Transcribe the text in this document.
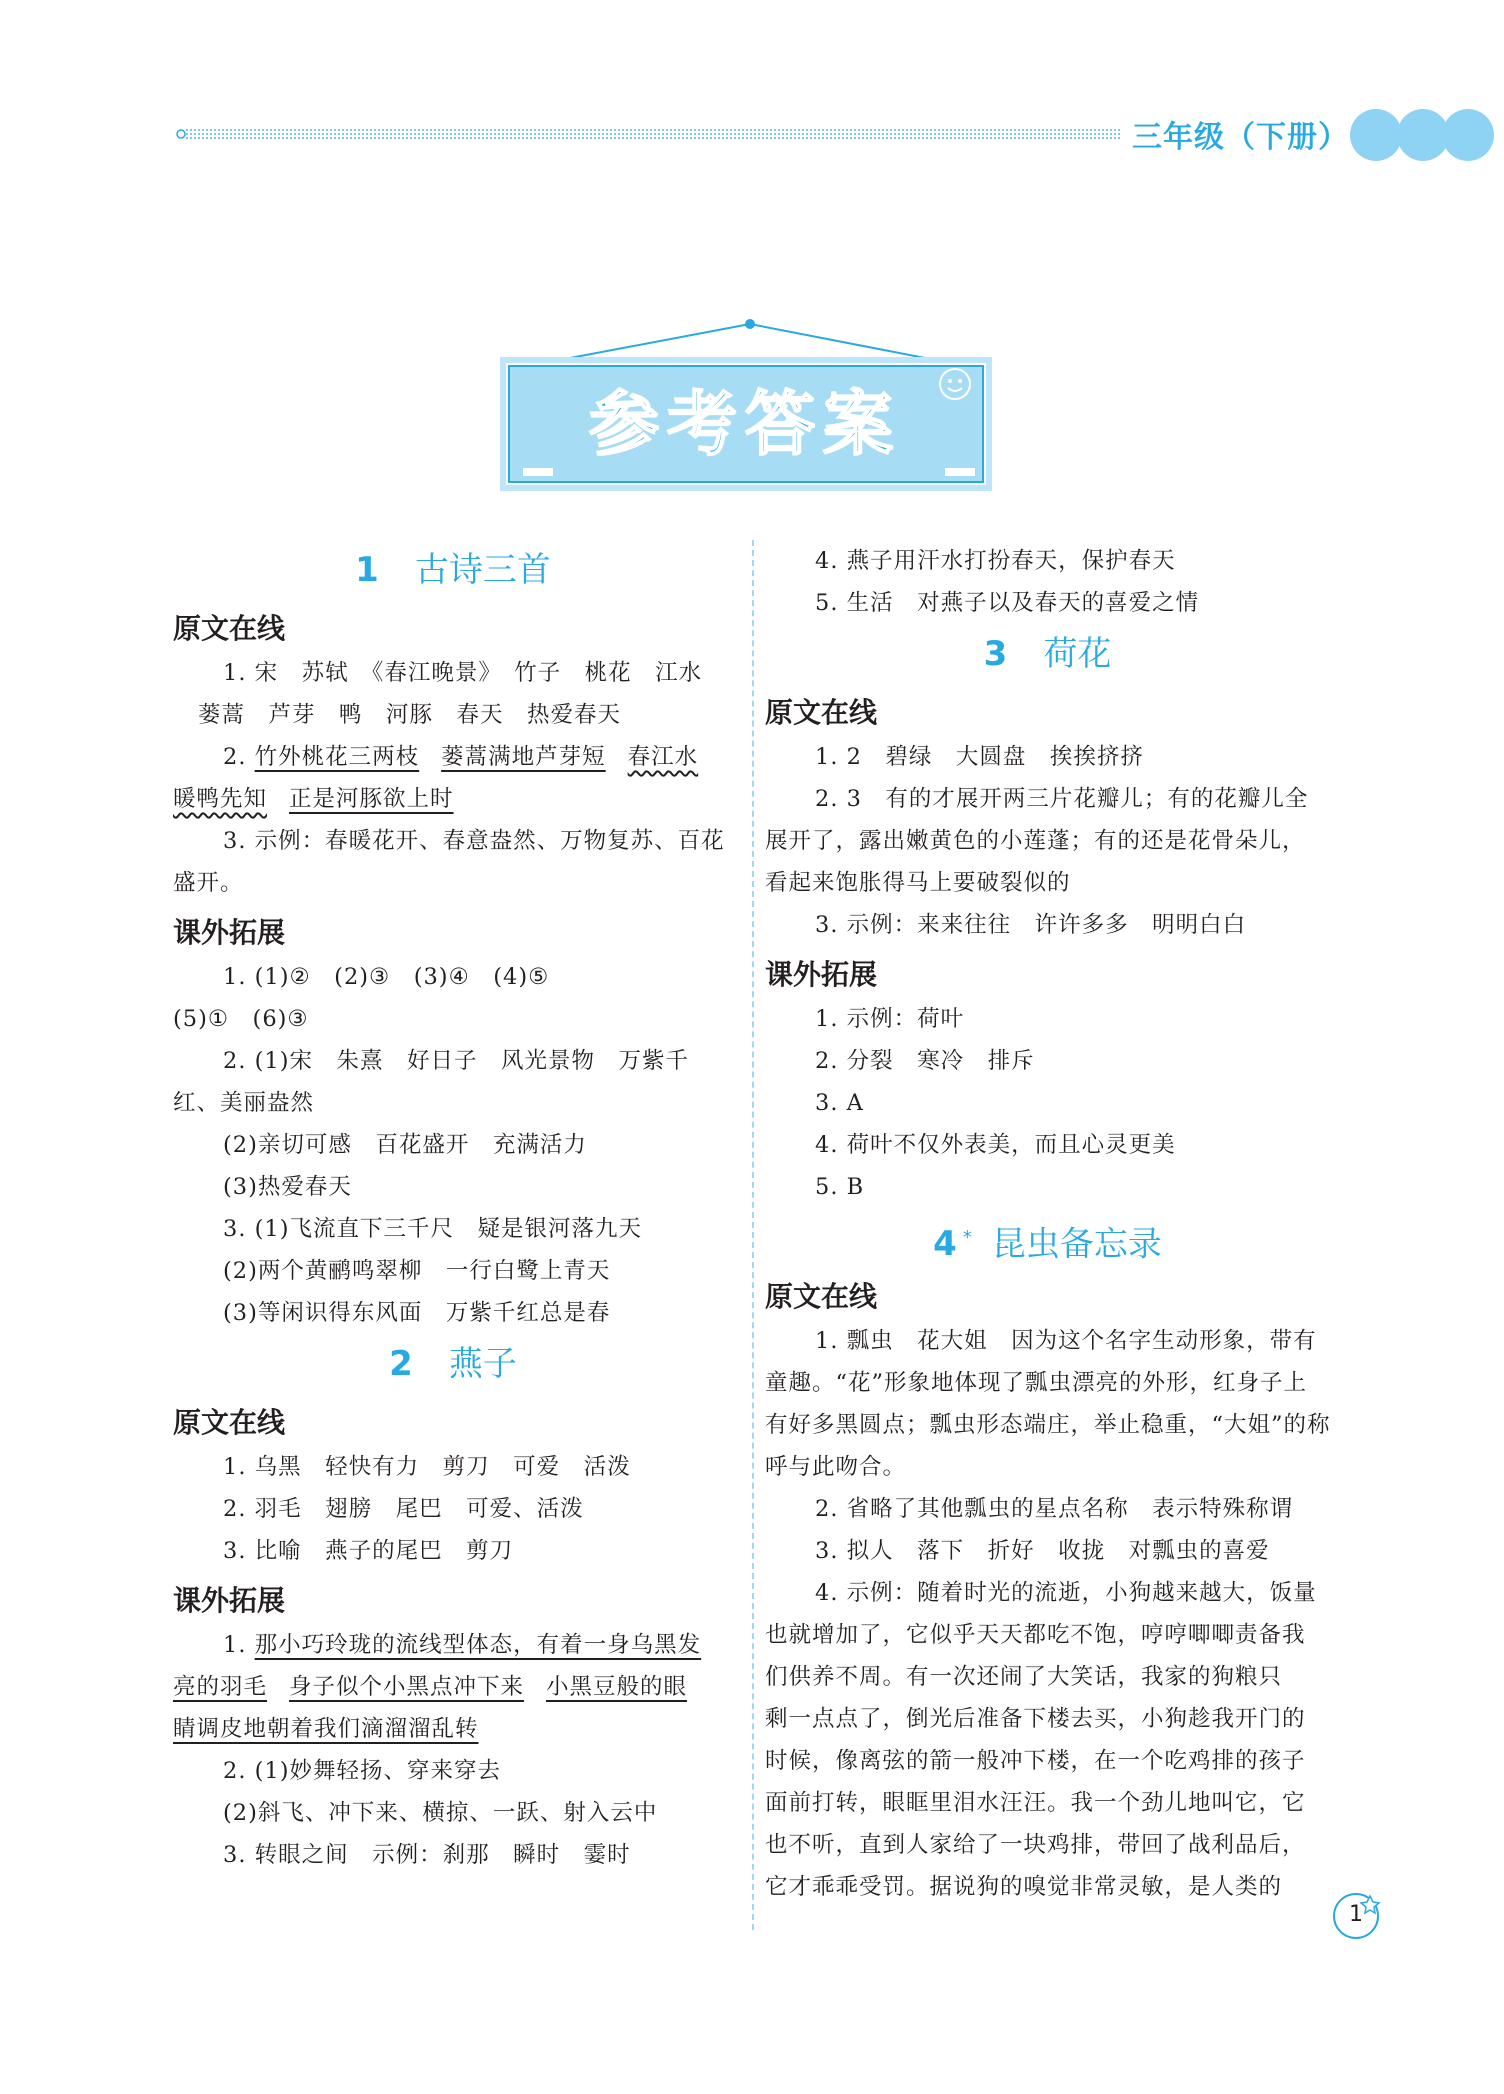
三年级（下册）
参考答案
1 古诗三首
原文在线
1. 宋　苏轼　《春江晚景》　竹子　桃花　江水
蒌蒿　芦芽　鸭　河豚　春天　热爱春天
2. 竹外桃花三两枝 蒌蒿满地芦芽短 春江水
暖鸭先知 正是河豚欲上时
3. 示例：春暖花开、春意盎然、万物复苏、百花
盛开。
课外拓展
1. (1)②　(2)③　(3)④　(4)⑤
(5)①　(6)③
2. (1)宋　朱熹　好日子　风光景物　万紫千
红、美丽盎然
(2)亲切可感　百花盛开　充满活力
(3)热爱春天
3. (1)飞流直下三千尺　疑是银河落九天
(2)两个黄鹂鸣翠柳　一行白鹭上青天
(3)等闲识得东风面　万紫千红总是春
2 燕子
原文在线
1. 乌黑　轻快有力　剪刀　可爱　活泼
2. 羽毛　翅膀　尾巴　可爱、活泼
3. 比喻　燕子的尾巴　剪刀
课外拓展
1. 那小巧玲珑的流线型体态，有着一身乌黑发
亮的羽毛 身子似个小黑点冲下来 小黑豆般的眼
睛调皮地朝着我们滴溜溜乱转
2. (1)妙舞轻扬、穿来穿去
(2)斜飞、冲下来、横掠、一跃、射入云中
3. 转眼之间　示例：刹那　瞬时　霎时
4. 燕子用汗水打扮春天，保护春天
5. 生活　对燕子以及春天的喜爱之情
3 荷花
原文在线
1. 2　碧绿　大圆盘　挨挨挤挤
2. 3　有的才展开两三片花瓣儿；有的花瓣儿全
展开了，露出嫩黄色的小莲蓬；有的还是花骨朵儿，
看起来饱胀得马上要破裂似的
3. 示例：来来往往　许许多多　明明白白
课外拓展
1. 示例：荷叶
2. 分裂　寒冷　排斥
3. A
4. 荷叶不仅外表美，而且心灵更美
5. B
4 * 昆虫备忘录
原文在线
1. 瓢虫　花大姐　因为这个名字生动形象，带有
童趣。“花”形象地体现了瓢虫漂亮的外形，红身子上
有好多黑圆点；瓢虫形态端庄，举止稳重，“大姐”的称
呼与此吻合。
2. 省略了其他瓢虫的星点名称　表示特殊称谓
3. 拟人　落下　折好　收拢　对瓢虫的喜爱
4. 示例：随着时光的流逝，小狗越来越大，饭量
也就增加了，它似乎天天都吃不饱，哼哼唧唧责备我
们供养不周。有一次还闹了大笑话，我家的狗粮只
剩一点点了，倒光后准备下楼去买，小狗趁我开门的
时候，像离弦的箭一般冲下楼，在一个吃鸡排的孩子
面前打转，眼眶里泪水汪汪。我一个劲儿地叫它，它
也不听，直到人家给了一块鸡排，带回了战利品后，
它才乖乖受罚。据说狗的嗅觉非常灵敏，是人类的
1
